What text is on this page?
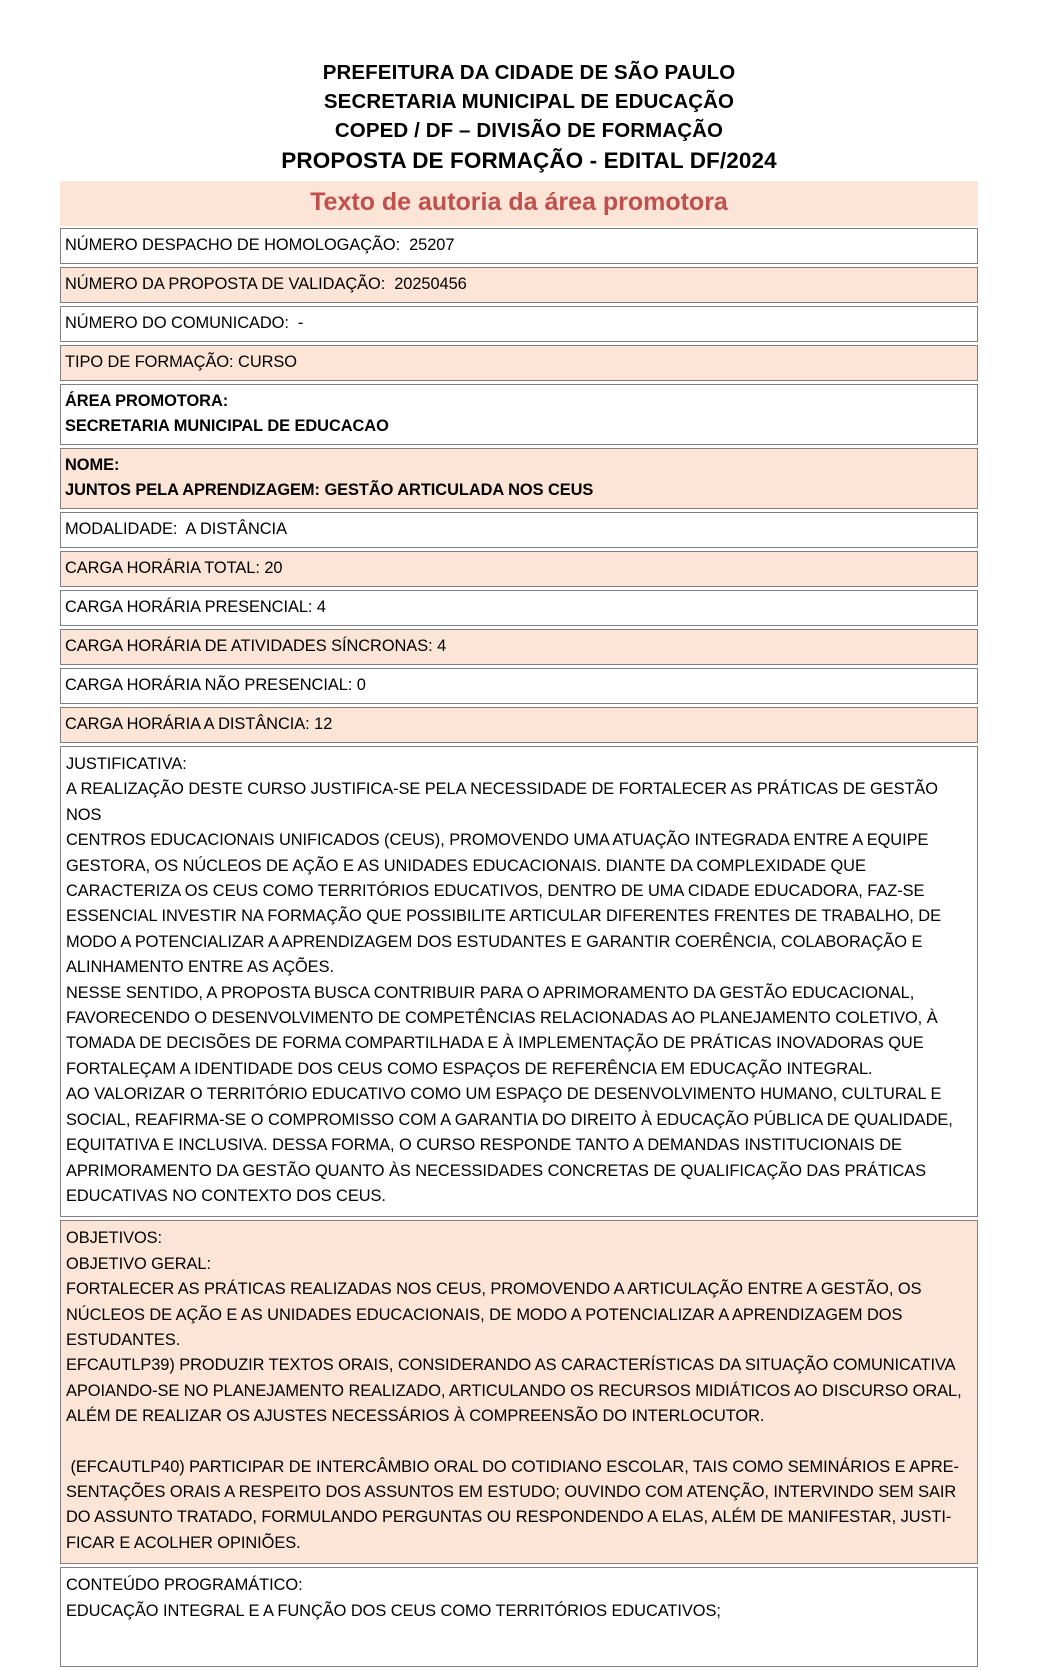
PREFEITURA DA CIDADE DE SÃO PAULO
SECRETARIA MUNICIPAL DE EDUCAÇÃO
COPED / DF – DIVISÃO DE FORMAÇÃO
PROPOSTA DE FORMAÇÃO - EDITAL DF/2024
Texto de autoria da área promotora
NÚMERO DESPACHO DE HOMOLOGAÇÃO:  25207
NÚMERO DA PROPOSTA DE VALIDAÇÃO:  20250456
NÚMERO DO COMUNICADO:  -
TIPO DE FORMAÇÃO: CURSO
ÁREA PROMOTORA:
SECRETARIA MUNICIPAL DE EDUCACAO
NOME:
JUNTOS PELA APRENDIZAGEM: GESTÃO ARTICULADA NOS CEUS
MODALIDADE:  A DISTÂNCIA
CARGA HORÁRIA TOTAL: 20
CARGA HORÁRIA PRESENCIAL: 4
CARGA HORÁRIA DE ATIVIDADES SÍNCRONAS: 4
CARGA HORÁRIA NÃO PRESENCIAL: 0
CARGA HORÁRIA A DISTÂNCIA: 12
JUSTIFICATIVA:
A REALIZAÇÃO DESTE CURSO JUSTIFICA-SE PELA NECESSIDADE DE FORTALECER AS PRÁTICAS DE GESTÃO NOS
CENTROS EDUCACIONAIS UNIFICADOS (CEUS), PROMOVENDO UMA ATUAÇÃO INTEGRADA ENTRE A EQUIPE
GESTORA, OS NÚCLEOS DE AÇÃO E AS UNIDADES EDUCACIONAIS. DIANTE DA COMPLEXIDADE QUE
CARACTERIZA OS CEUS COMO TERRITÓRIOS EDUCATIVOS, DENTRO DE UMA CIDADE EDUCADORA, FAZ-SE
ESSENCIAL INVESTIR NA FORMAÇÃO QUE POSSIBILITE ARTICULAR DIFERENTES FRENTES DE TRABALHO, DE
MODO A POTENCIALIZAR A APRENDIZAGEM DOS ESTUDANTES E GARANTIR COERÊNCIA, COLABORAÇÃO E
ALINHAMENTO ENTRE AS AÇÕES.
NESSE SENTIDO, A PROPOSTA BUSCA CONTRIBUIR PARA O APRIMORAMENTO DA GESTÃO EDUCACIONAL,
FAVORECENDO O DESENVOLVIMENTO DE COMPETÊNCIAS RELACIONADAS AO PLANEJAMENTO COLETIVO, À
TOMADA DE DECISÕES DE FORMA COMPARTILHADA E À IMPLEMENTAÇÃO DE PRÁTICAS INOVADORAS QUE
FORTALEÇAM A IDENTIDADE DOS CEUS COMO ESPAÇOS DE REFERÊNCIA EM EDUCAÇÃO INTEGRAL.
AO VALORIZAR O TERRITÓRIO EDUCATIVO COMO UM ESPAÇO DE DESENVOLVIMENTO HUMANO, CULTURAL E
SOCIAL, REAFIRMA-SE O COMPROMISSO COM A GARANTIA DO DIREITO À EDUCAÇÃO PÚBLICA DE QUALIDADE,
EQUITATIVA E INCLUSIVA. DESSA FORMA, O CURSO RESPONDE TANTO A DEMANDAS INSTITUCIONAIS DE
APRIMORAMENTO DA GESTÃO QUANTO ÀS NECESSIDADES CONCRETAS DE QUALIFICAÇÃO DAS PRÁTICAS
EDUCATIVAS NO CONTEXTO DOS CEUS.
OBJETIVOS:
OBJETIVO GERAL:
FORTALECER AS PRÁTICAS REALIZADAS NOS CEUS, PROMOVENDO A ARTICULAÇÃO ENTRE A GESTÃO, OS
NÚCLEOS DE AÇÃO E AS UNIDADES EDUCACIONAIS, DE MODO A POTENCIALIZAR A APRENDIZAGEM DOS
ESTUDANTES.
EFCAUTLP39) PRODUZIR TEXTOS ORAIS, CONSIDERANDO AS CARACTERÍSTICAS DA SITUAÇÃO COMUNICATIVA
APOIANDO-SE NO PLANEJAMENTO REALIZADO, ARTICULANDO OS RECURSOS MIDIÁTICOS AO DISCURSO ORAL,
ALÉM DE REALIZAR OS AJUSTES NECESSÁRIOS À COMPREENSÃO DO INTERLOCUTOR.
(EFCAUTLP40) PARTICIPAR DE INTERCÂMBIO ORAL DO COTIDIANO ESCOLAR, TAIS COMO SEMINÁRIOS E APRE-
SENTAÇÕES ORAIS A RESPEITO DOS ASSUNTOS EM ESTUDO; OUVINDO COM ATENÇÃO, INTERVINDO SEM SAIR
DO ASSUNTO TRATADO, FORMULANDO PERGUNTAS OU RESPONDENDO A ELAS, ALÉM DE MANIFESTAR, JUSTI-
FICAR E ACOLHER OPINIÕES.
CONTEÚDO PROGRAMÁTICO:
EDUCAÇÃO INTEGRAL E A FUNÇÃO DOS CEUS COMO TERRITÓRIOS EDUCATIVOS;
